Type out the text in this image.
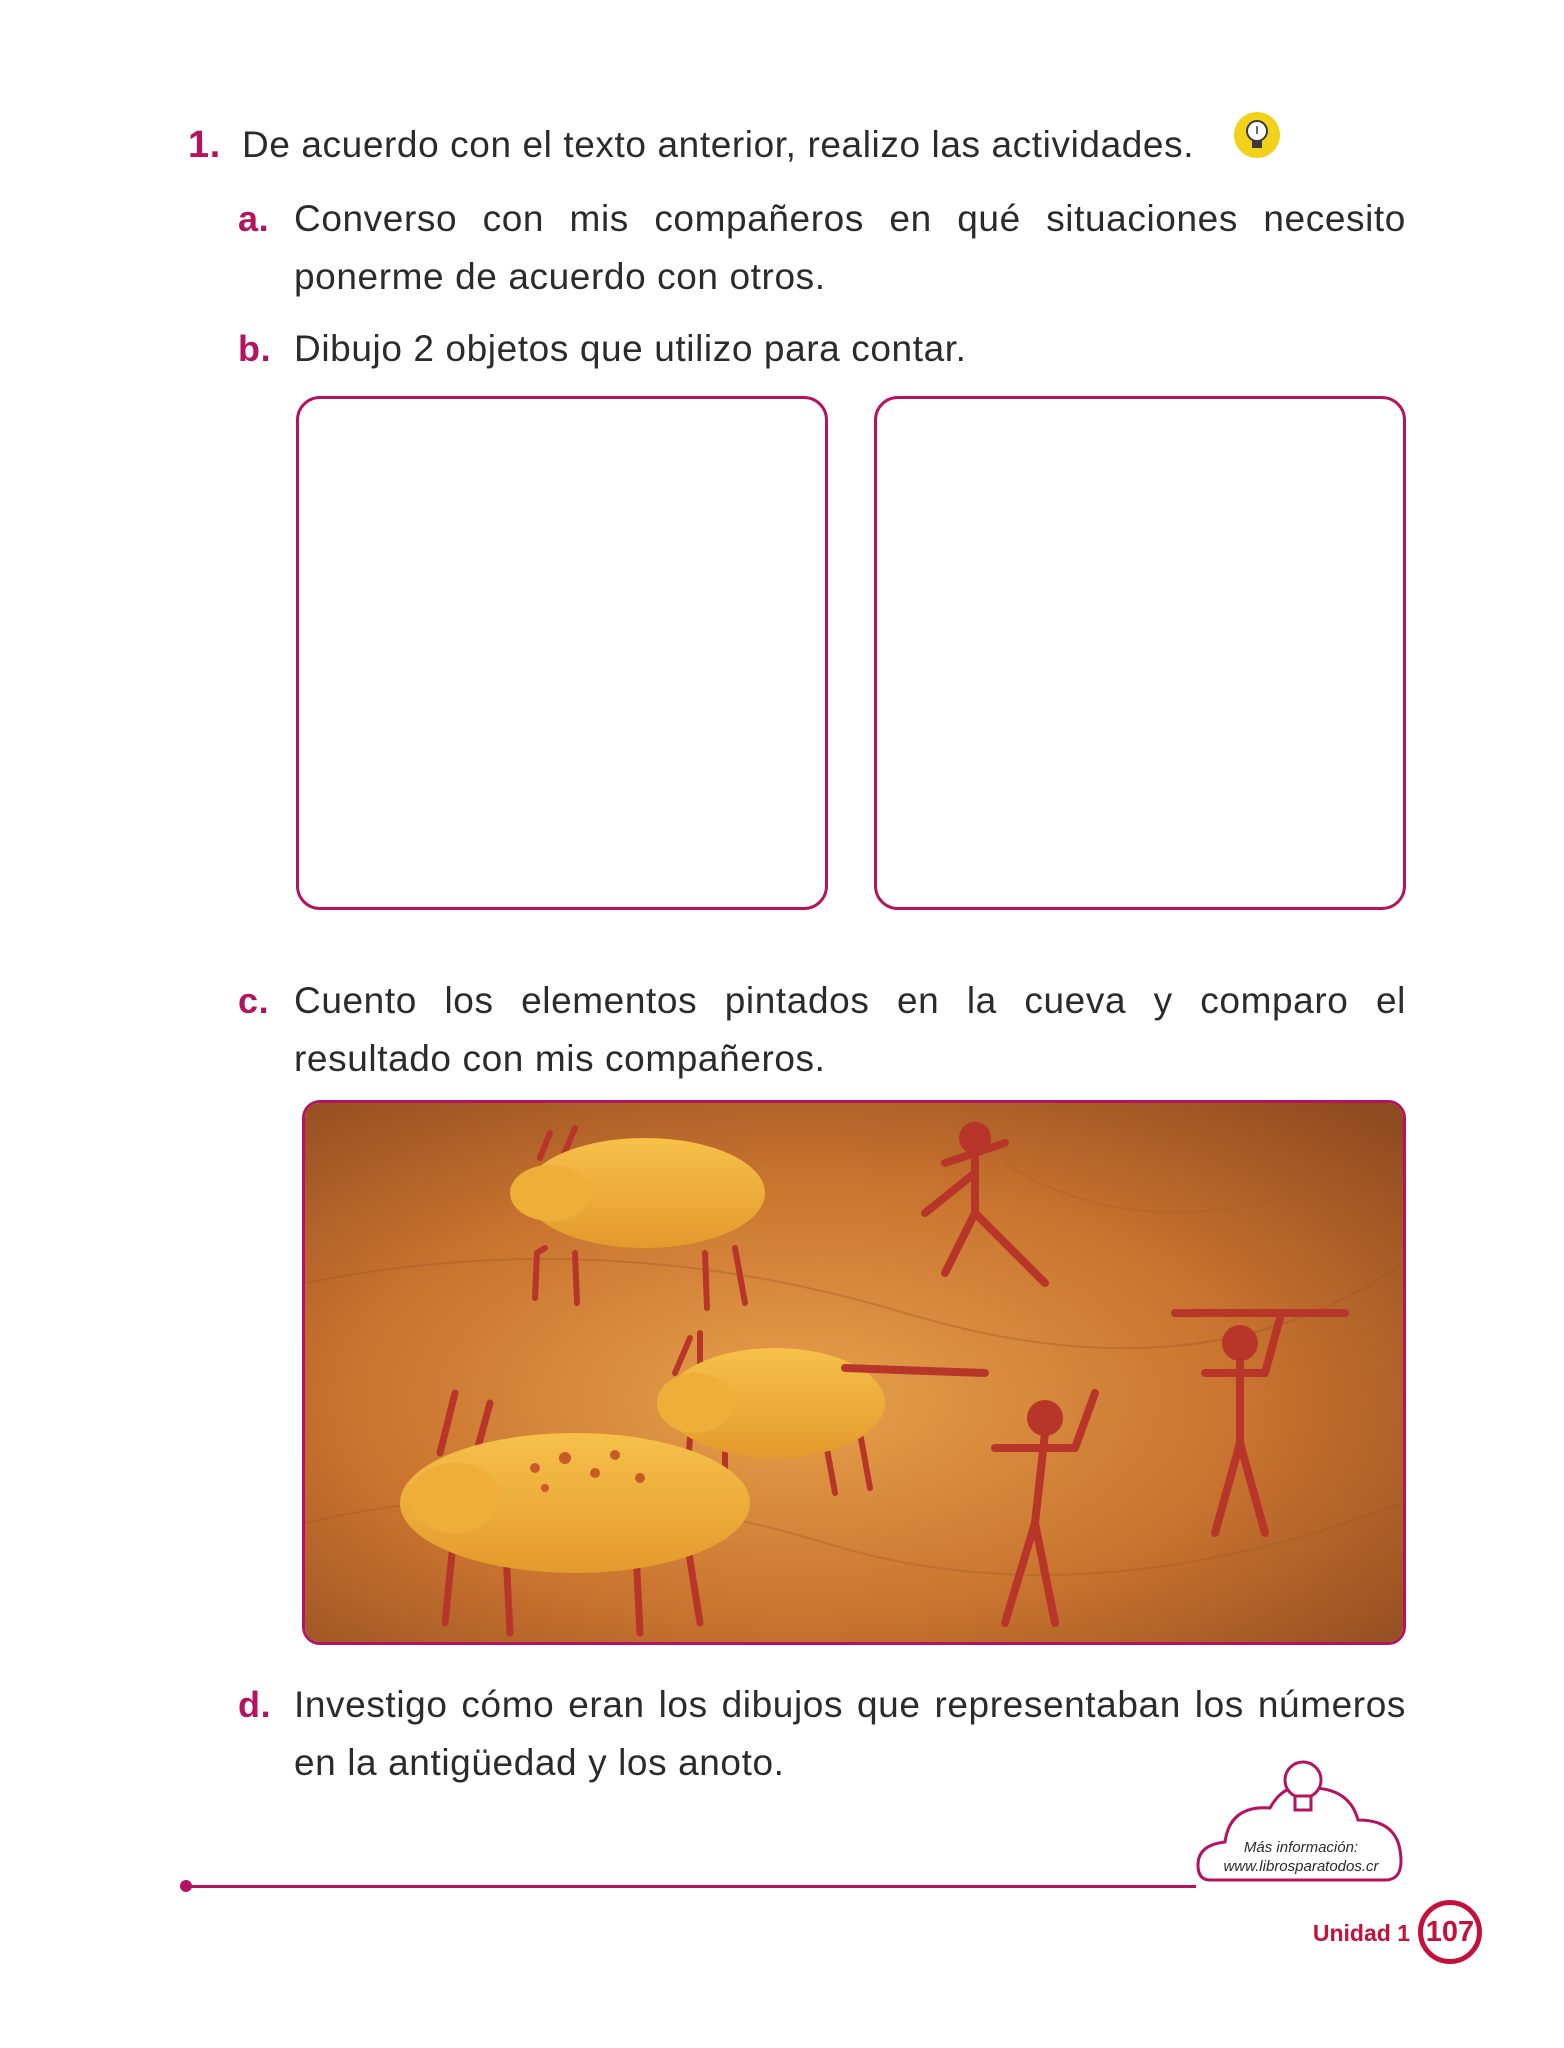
1. De acuerdo con el texto anterior, realizo las actividades.
a. Converso con mis compañeros en qué situaciones necesito ponerme de acuerdo con otros.
b. Dibujo 2 objetos que utilizo para contar.
c. Cuento los elementos pintados en la cueva y comparo el resultado con mis compañeros.
d. Investigo cómo eran los dibujos que representaban los números en la antigüedad y los anoto.
Más información:
www.librosparatodos.cr
Unidad 1 107
